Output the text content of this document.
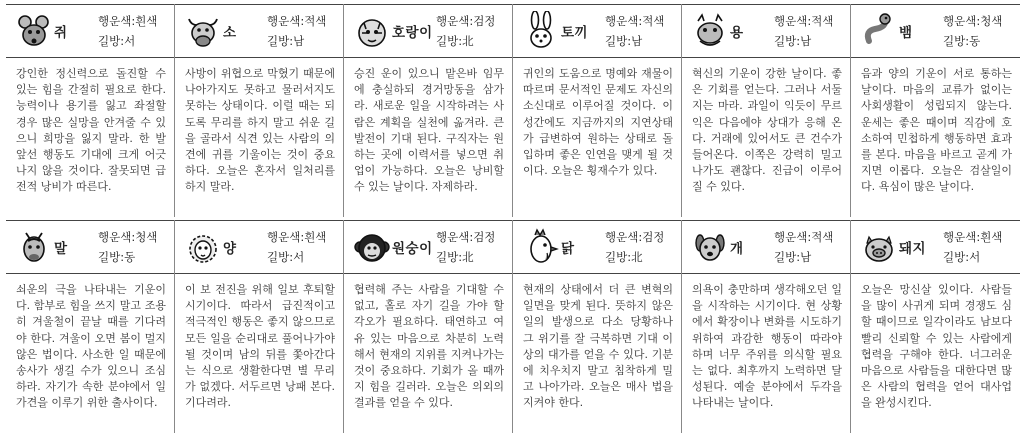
쥐
행운색:흰색
길방:서
강인한 정신력으로 돌진할 수 있는 힘을 간절히 필요로 한다. 능력이나 용기를 잃고 좌절할 경우 많은 실망을 안겨줄 수 있으니 희망을 잃지 말라. 한 발 앞선 행동도 기대에 크게 어긋나지 않을 것이다. 잘못되면 급 전적 낭비가 따른다.
소
행운색:적색
길방:남
사방이 위협으로 막혔기 때문에 나아가지도 못하고 물러서지도 못하는 상태이다. 이럴 때는 되도록 무리를 하지 말고 쉬운 길을 골라서 식견 있는 사람의 의견에 귀를 기울이는 것이 중요하다. 오늘은 혼자서 일처리를 하지 말라.
호랑이
행운색:검정
길방:北
승진 운이 있으니 맡은바 임무에 충실하되 경거망동을 삼가라. 새로운 일을 시작하려는 사람은 계획을 실천에 옮겨라. 큰 발전이 기대 된다. 구직자는 원하는 곳에 이력서를 넣으면 취업이 가능하다. 오늘은 낭비할 수 있는 날이다. 자제하라.
토끼
행운색:적색
길방:남
귀인의 도움으로 명예와 재물이 따르며 문서적인 문제도 자신의 소신대로 이루어질 것이다. 이성간에도 지금까지의 지연상태가 급변하여 원하는 상태로 돌입하며 좋은 인연을 맺게 될 것이다. 오늘은 횡재수가 있다.
용
행운색:적색
길방:남
혁신의 기운이 강한 날이다. 좋은 기회를 얻는다. 그러나 서둘지는 마라. 과일이 익듯이 무르익은 다음에야 상대가 응해 온다. 거래에 있어서도 큰 건수가 들어온다. 이쪽은 강력히 밀고 나가도 괜찮다. 진급이 이루어질 수 있다.
뱀
행운색:청색
길방:동
음과 양의 기운이 서로 통하는 날이다. 마음의 교류가 없이는 사회생활이 성립되지 않는다. 운세는 좋은 때이며 직감에 호소하여 민첩하게 행동하면 효과를 본다. 마음을 바르고 곧게 가지면 이롭다. 오늘은 검살일이다. 욕심이 많은 날이다.
말
행운색:청색
길방:동
쇠운의 극을 나타내는 기운이다. 함부로 힘을 쓰지 말고 조용히 겨울철이 끝날 때를 기다려야 한다. 겨울이 오면 봄이 멀지 않은 법이다. 사소한 일 때문에 송사가 생길 수가 있으니 조심하라. 자기가 속한 분야에서 일가견을 이루기 위한 출사이다.
양
행운색:흰색
길방:서
이 보 전진을 위해 일보 후퇴할 시기이다. 따라서 급진적이고 적극적인 행동은 좋지 않으므로 모든 일을 순리대로 풀어나가야 될 것이며 남의 뒤를 쫓아간다는 식으로 생활한다면 별 무리가 없겠다. 서두르면 낭패 본다. 기다려라.
원숭이
행운색:검정
길방:北
협력해 주는 사람을 기대할 수 없고, 홀로 자기 길을 가야 할 각오가 필요하다. 태연하고 여유 있는 마음으로 차분히 노력해서 현재의 지위를 지켜나가는 것이 중요하다. 기회가 올 때까지 힘을 길러라. 오늘은 의외의 결과를 얻을 수 있다.
닭
행운색:검정
길방:北
현재의 상태에서 더 큰 변혁의 일면을 맞게 된다. 뜻하지 않은 일의 발생으로 다소 당황하나 그 위기를 잘 극복하면 기대 이상의 대가를 얻을 수 있다. 기분에 치우치지 말고 침착하게 밀고 나아가라. 오늘은 매사 법을 지켜야 한다.
개
행운색:적색
길방:남
의욕이 충만하며 생각해오던 일을 시작하는 시기이다. 현 상황에서 확장이나 변화를 시도하기 위하여 과감한 행동이 따라야 하며 너무 주위를 의식할 필요는 없다. 최후까지 노력하면 달성된다. 예술 분야에서 두각을 나타내는 날이다.
돼지
행운색:흰색
길방:서
오늘은 망신살 있이다. 사람들을 많이 사귀게 되며 경쟁도 심할 때이므로 일각이라도 남보다 빨리 신뢰할 수 있는 사람에게 협력을 구해야 한다. 너그러운 마음으로 사람들을 대한다면 많은 사람의 협력을 얻어 대사업을 완성시킨다.
